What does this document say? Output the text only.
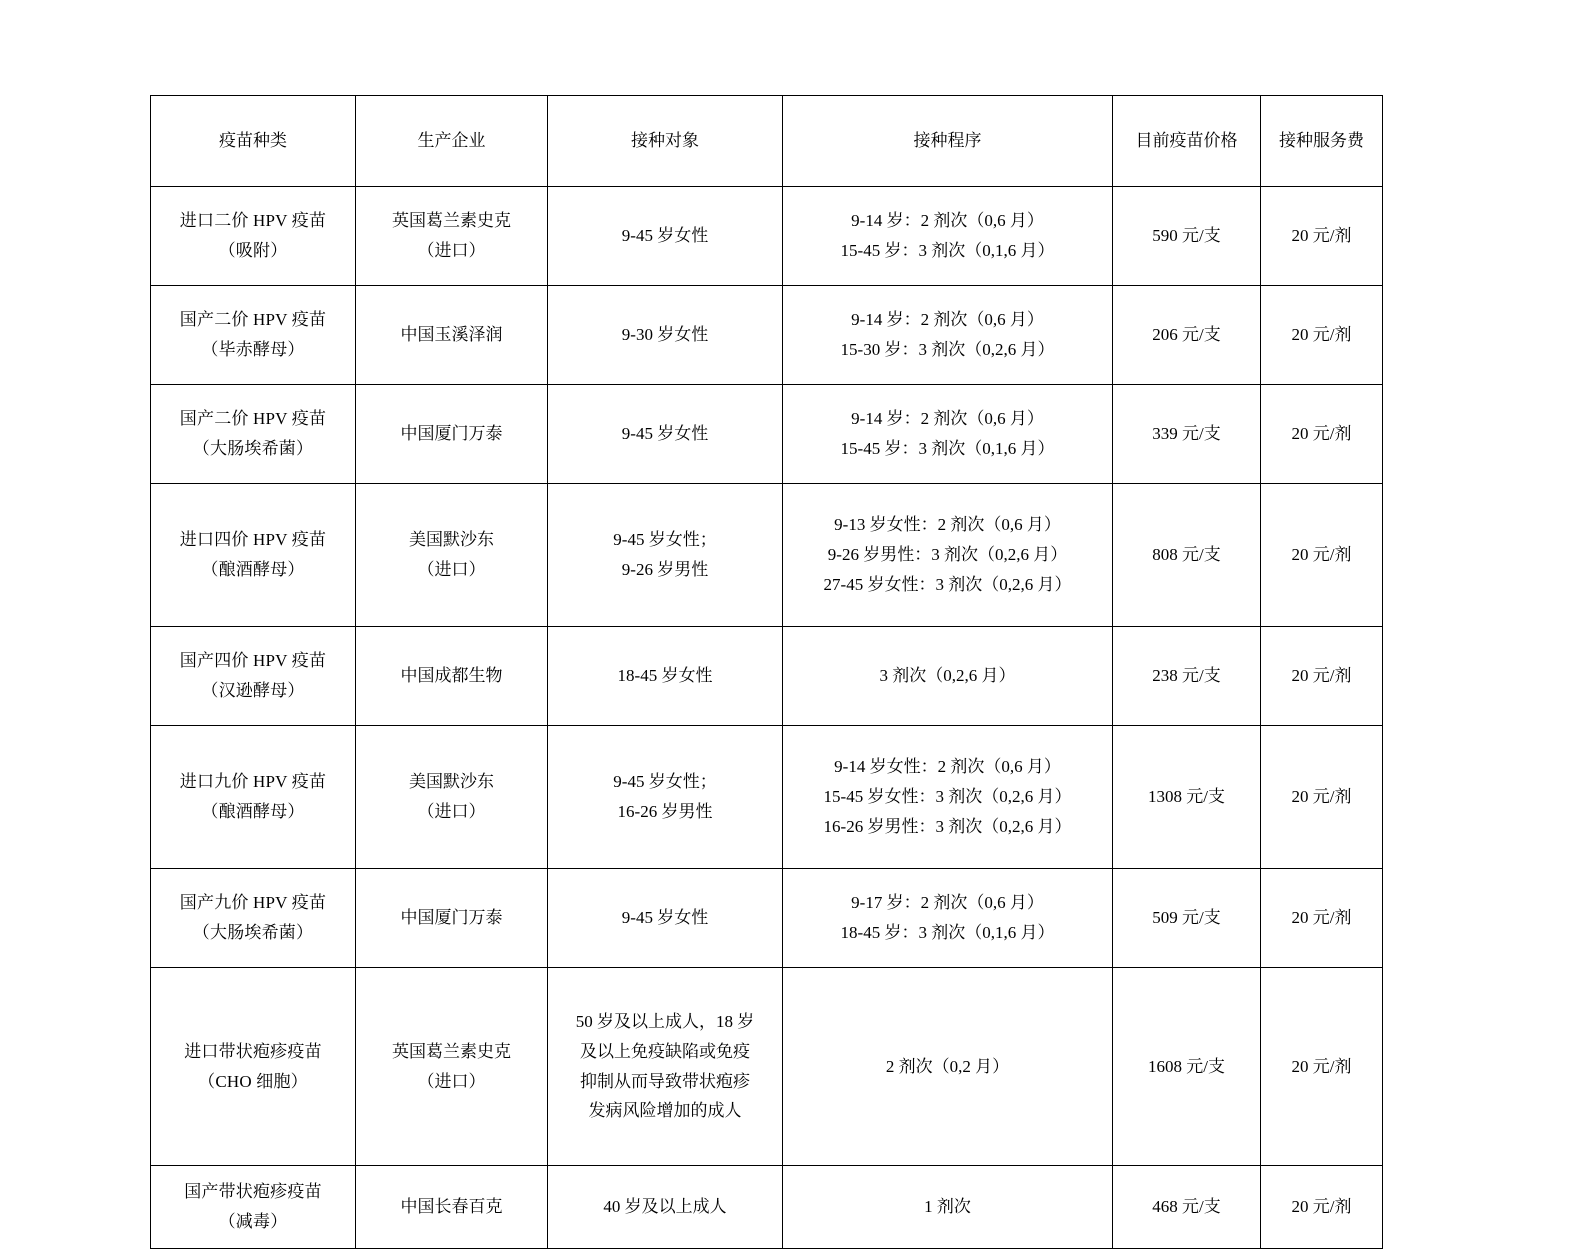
疫苗种类	生产企业	接种对象	接种程序	目前疫苗价格	接种服务费

进口二价 HPV 疫苗
（吸附）	英国葛兰素史克
（进口）	9-45 岁女性	9-14 岁：2 剂次（0,6 月）
15-45 岁：3 剂次（0,1,6 月）	590 元/支	20 元/剂

国产二价 HPV 疫苗
（毕赤酵母）	中国玉溪泽润	9-30 岁女性	9-14 岁：2 剂次（0,6 月）
15-30 岁：3 剂次（0,2,6 月）	206 元/支	20 元/剂

国产二价 HPV 疫苗
（大肠埃希菌）	中国厦门万泰	9-45 岁女性	9-14 岁：2 剂次（0,6 月）
15-45 岁：3 剂次（0,1,6 月）	339 元/支	20 元/剂

进口四价 HPV 疫苗
（酿酒酵母）	美国默沙东
（进口）	9-45 岁女性；
9-26 岁男性	9-13 岁女性：2 剂次（0,6 月）
9-26 岁男性：3 剂次（0,2,6 月）
27-45 岁女性：3 剂次（0,2,6 月）	808 元/支	20 元/剂

国产四价 HPV 疫苗
（汉逊酵母）	中国成都生物	18-45 岁女性	3 剂次（0,2,6 月）	238 元/支	20 元/剂

进口九价 HPV 疫苗
（酿酒酵母）	美国默沙东
（进口）	9-45 岁女性；
16-26 岁男性	9-14 岁女性：2 剂次（0,6 月）
15-45 岁女性：3 剂次（0,2,6 月）
16-26 岁男性：3 剂次（0,2,6 月）	1308 元/支	20 元/剂

国产九价 HPV 疫苗
（大肠埃希菌）	中国厦门万泰	9-45 岁女性	9-17 岁：2 剂次（0,6 月）
18-45 岁：3 剂次（0,1,6 月）	509 元/支	20 元/剂

进口带状疱疹疫苗
（CHO 细胞）	英国葛兰素史克
（进口）	50 岁及以上成人，18 岁
及以上免疫缺陷或免疫
抑制从而导致带状疱疹
发病风险增加的成人	2 剂次（0,2 月）	1608 元/支	20 元/剂

国产带状疱疹疫苗
（减毒）	中国长春百克	40 岁及以上成人	1 剂次	468 元/支	20 元/剂
